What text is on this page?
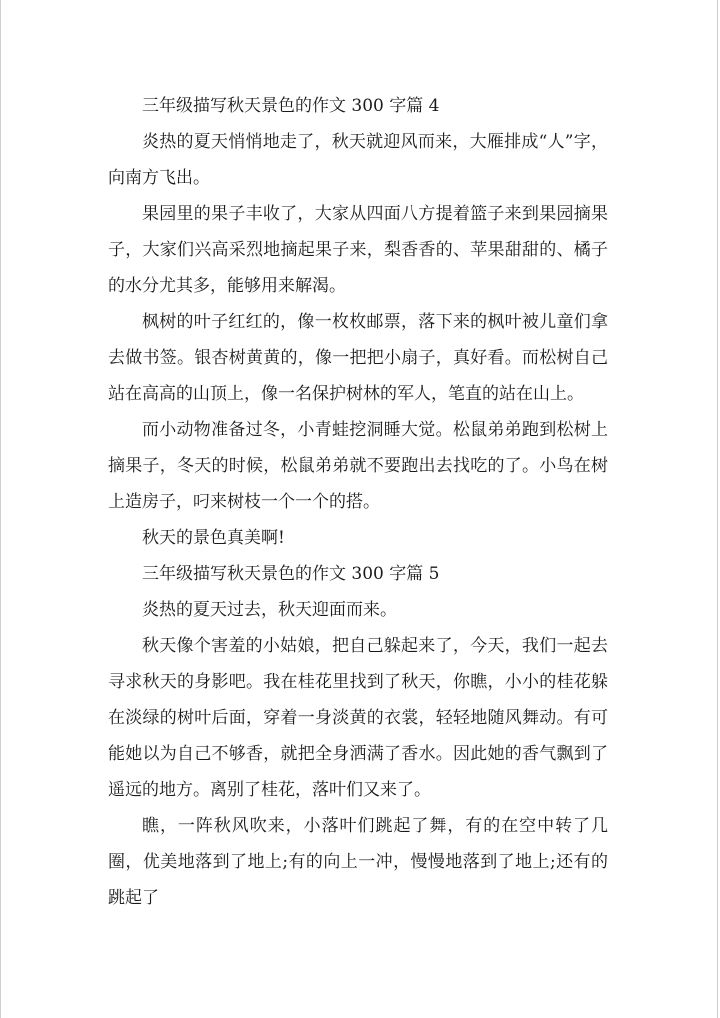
三年级描写秋天景色的作文 300 字篇 4

炎热的夏天悄悄地走了，秋天就迎风而来，大雁排成“人”字，向南方飞出。

果园里的果子丰收了，大家从四面八方提着篮子来到果园摘果子，大家们兴高采烈地摘起果子来，梨香香的、苹果甜甜的、橘子的水分尤其多，能够用来解渴。

枫树的叶子红红的，像一枚枚邮票，落下来的枫叶被儿童们拿去做书签。银杏树黄黄的，像一把把小扇子，真好看。而松树自己站在高高的山顶上，像一名保护树林的军人，笔直的站在山上。

而小动物准备过冬，小青蛙挖洞睡大觉。松鼠弟弟跑到松树上摘果子，冬天的时候，松鼠弟弟就不要跑出去找吃的了。小鸟在树上造房子，叼来树枝一个一个的搭。

秋天的景色真美啊!

三年级描写秋天景色的作文 300 字篇 5

炎热的夏天过去，秋天迎面而来。

秋天像个害羞的小姑娘，把自己躲起来了，今天，我们一起去寻求秋天的身影吧。我在桂花里找到了秋天，你瞧，小小的桂花躲在淡绿的树叶后面，穿着一身淡黄的衣裳，轻轻地随风舞动。有可能她以为自己不够香，就把全身洒满了香水。因此她的香气飘到了遥远的地方。离别了桂花，落叶们又来了。

瞧，一阵秋风吹来，小落叶们跳起了舞，有的在空中转了几圈，优美地落到了地上;有的向上一冲，慢慢地落到了地上;还有的跳起了
